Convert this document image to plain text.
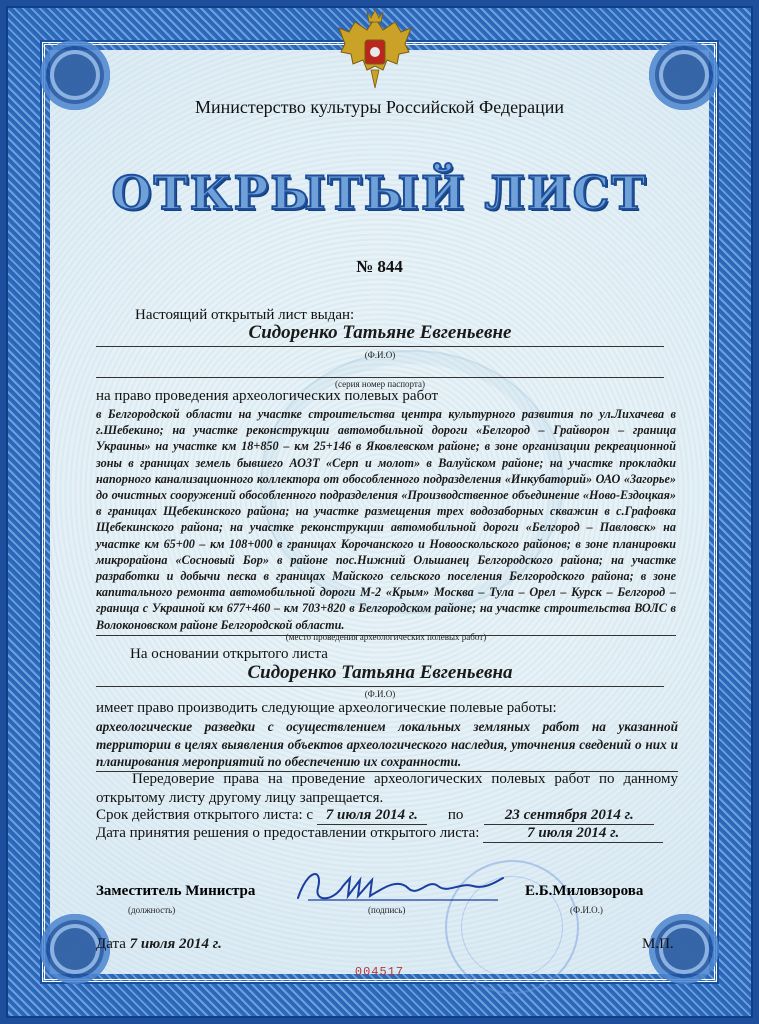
Министерство культуры Российской Федерации
ОТКРЫТЫЙ ЛИСТ
№ 844
Настоящий открытый лист выдан:
Сидоренко Татьяне Евгеньевне
(Ф.И.О)
(серия номер паспорта)
на право проведения археологических полевых работ
в Белгородской области на участке строительства центра культурного развития по ул.Лихачева в г.Шебекино; на участке реконструкции автомобильной дороги «Белгород – Грайворон – граница Украины» на участке км 18+850 – км 25+146 в Яковлевском районе; в зоне организации рекреационной зоны в границах земель бывшего АОЗТ «Серп и молот» в Валуйском районе; на участке прокладки напорного канализационного коллектора от обособленного подразделения «Инкубаторий» ОАО «Загорье» до очистных сооружений обособленного подразделения «Производственное объединение «Ново-Ездоцкая» в границах Щебекинского района; на участке размещения трех водозаборных скважин в с.Графовка Щебекинского района; на участке реконструкции автомобильной дороги «Белгород – Павловск» на участке км 65+00 – км 108+000 в границах Корочанского и Новооскольского районов; в зоне планировки микрорайона «Сосновый Бор» в районе пос.Нижний Ольшанец Белгородского района; на участке разработки и добычи песка в границах Майского сельского поселения Белгородского района; в зоне капитального ремонта автомобильной дороги М-2 «Крым» Москва – Тула – Орел – Курск – Белгород – граница с Украиной км 677+460 – км 703+820 в Белгородском районе; на участке строительства ВОЛС в Волоконовском районе Белгородской области.
(место проведения археологических полевых работ)
На основании открытого листа
Сидоренко Татьяна Евгеньевна
(Ф.И.О)
имеет право производить следующие археологические полевые работы:
археологические разведки с осуществлением локальных земляных работ на указанной территории в целях выявления объектов археологического наследия, уточнения сведений о них и планирования мероприятий по обеспечению их сохранности.
Передоверие права на проведение археологических полевых работ по данному открытому листу другому лицу запрещается.
Срок действия открытого листа: с 7 июля 2014 г. по	23 сентября 2014 г.
Дата принятия решения о предоставлении открытого листа:	7 июля 2014 г.
Заместитель Министра
(должность)	(подпись)
Е.Б.Миловзорова
(Ф.И.О.)
Дата 7 июля 2014 г.	М.П.
004517
